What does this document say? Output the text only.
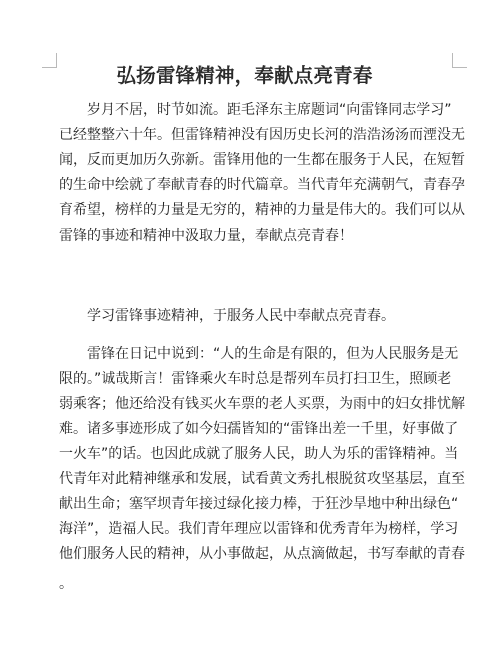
弘扬雷锋精神，奉献点亮青春
岁月不居，时节如流。距毛泽东主席题词“向雷锋同志学习”
已经整整六十年。但雷锋精神没有因历史长河的浩浩汤汤而湮没无
闻，反而更加历久弥新。雷锋用他的一生都在服务于人民，在短暂
的生命中绘就了奉献青春的时代篇章。当代青年充满朝气，青春孕
育希望，榜样的力量是无穷的，精神的力量是伟大的。我们可以从
雷锋的事迹和精神中汲取力量，奉献点亮青春！
学习雷锋事迹精神，于服务人民中奉献点亮青春。
雷锋在日记中说到：“人的生命是有限的，但为人民服务是无
限的。”诚哉斯言！雷锋乘火车时总是帮列车员打扫卫生，照顾老
弱乘客；他还给没有钱买火车票的老人买票，为雨中的妇女排忧解
难。诸多事迹形成了如今妇孺皆知的“雷锋出差一千里，好事做了
一火车”的话。也因此成就了服务人民，助人为乐的雷锋精神。当
代青年对此精神继承和发展，试看黄文秀扎根脱贫攻坚基层，直至
献出生命；塞罕坝青年接过绿化接力棒，于狂沙旱地中种出绿色“
海洋”，造福人民。我们青年理应以雷锋和优秀青年为榜样，学习
他们服务人民的精神，从小事做起，从点滴做起，书写奉献的青春
。
